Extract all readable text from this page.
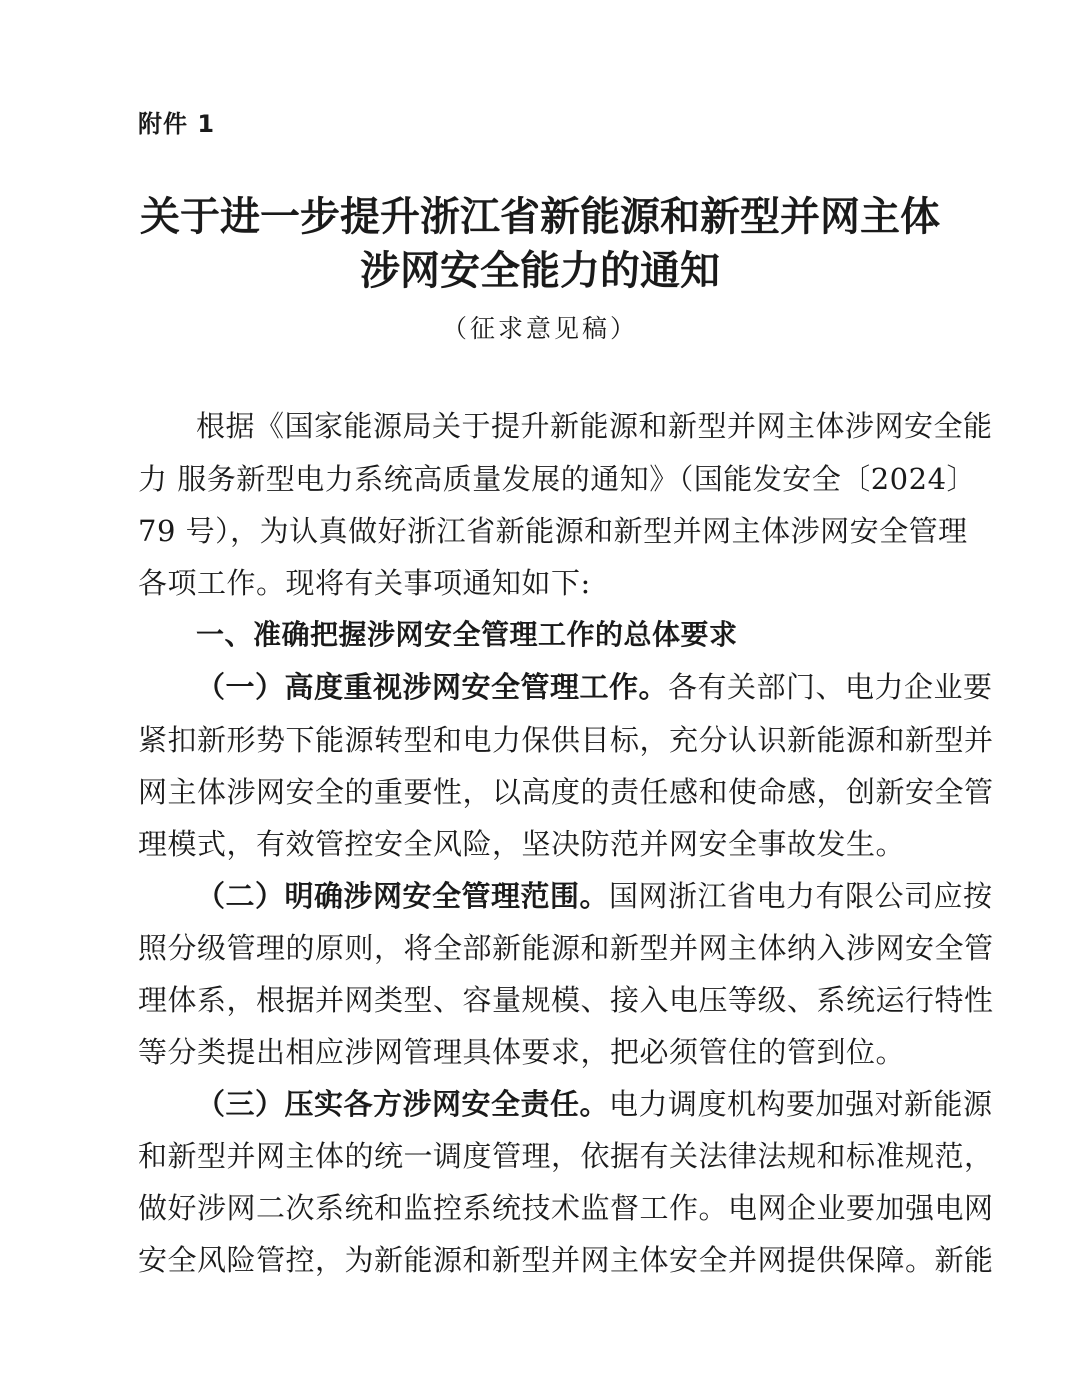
附件 1
关于进一步提升浙江省新能源和新型并网主体
涉网安全能力的通知
（征求意见稿）
根据《国家能源局关于提升新能源和新型并网主体涉网安全能
力 服务新型电力系统高质量发展的通知》（国能发安全〔2024〕
79 号），为认真做好浙江省新能源和新型并网主体涉网安全管理
各项工作。现将有关事项通知如下:
一、准确把握涉网安全管理工作的总体要求
（一）高度重视涉网安全管理工作。各有关部门、电力企业要
紧扣新形势下能源转型和电力保供目标，充分认识新能源和新型并
网主体涉网安全的重要性，以高度的责任感和使命感，创新安全管
理模式，有效管控安全风险，坚决防范并网安全事故发生。
（二）明确涉网安全管理范围。国网浙江省电力有限公司应按
照分级管理的原则，将全部新能源和新型并网主体纳入涉网安全管
理体系，根据并网类型、容量规模、接入电压等级、系统运行特性
等分类提出相应涉网管理具体要求，把必须管住的管到位。
（三）压实各方涉网安全责任。电力调度机构要加强对新能源
和新型并网主体的统一调度管理，依据有关法律法规和标准规范，
做好涉网二次系统和监控系统技术监督工作。电网企业要加强电网
安全风险管控，为新能源和新型并网主体安全并网提供保障。新能
